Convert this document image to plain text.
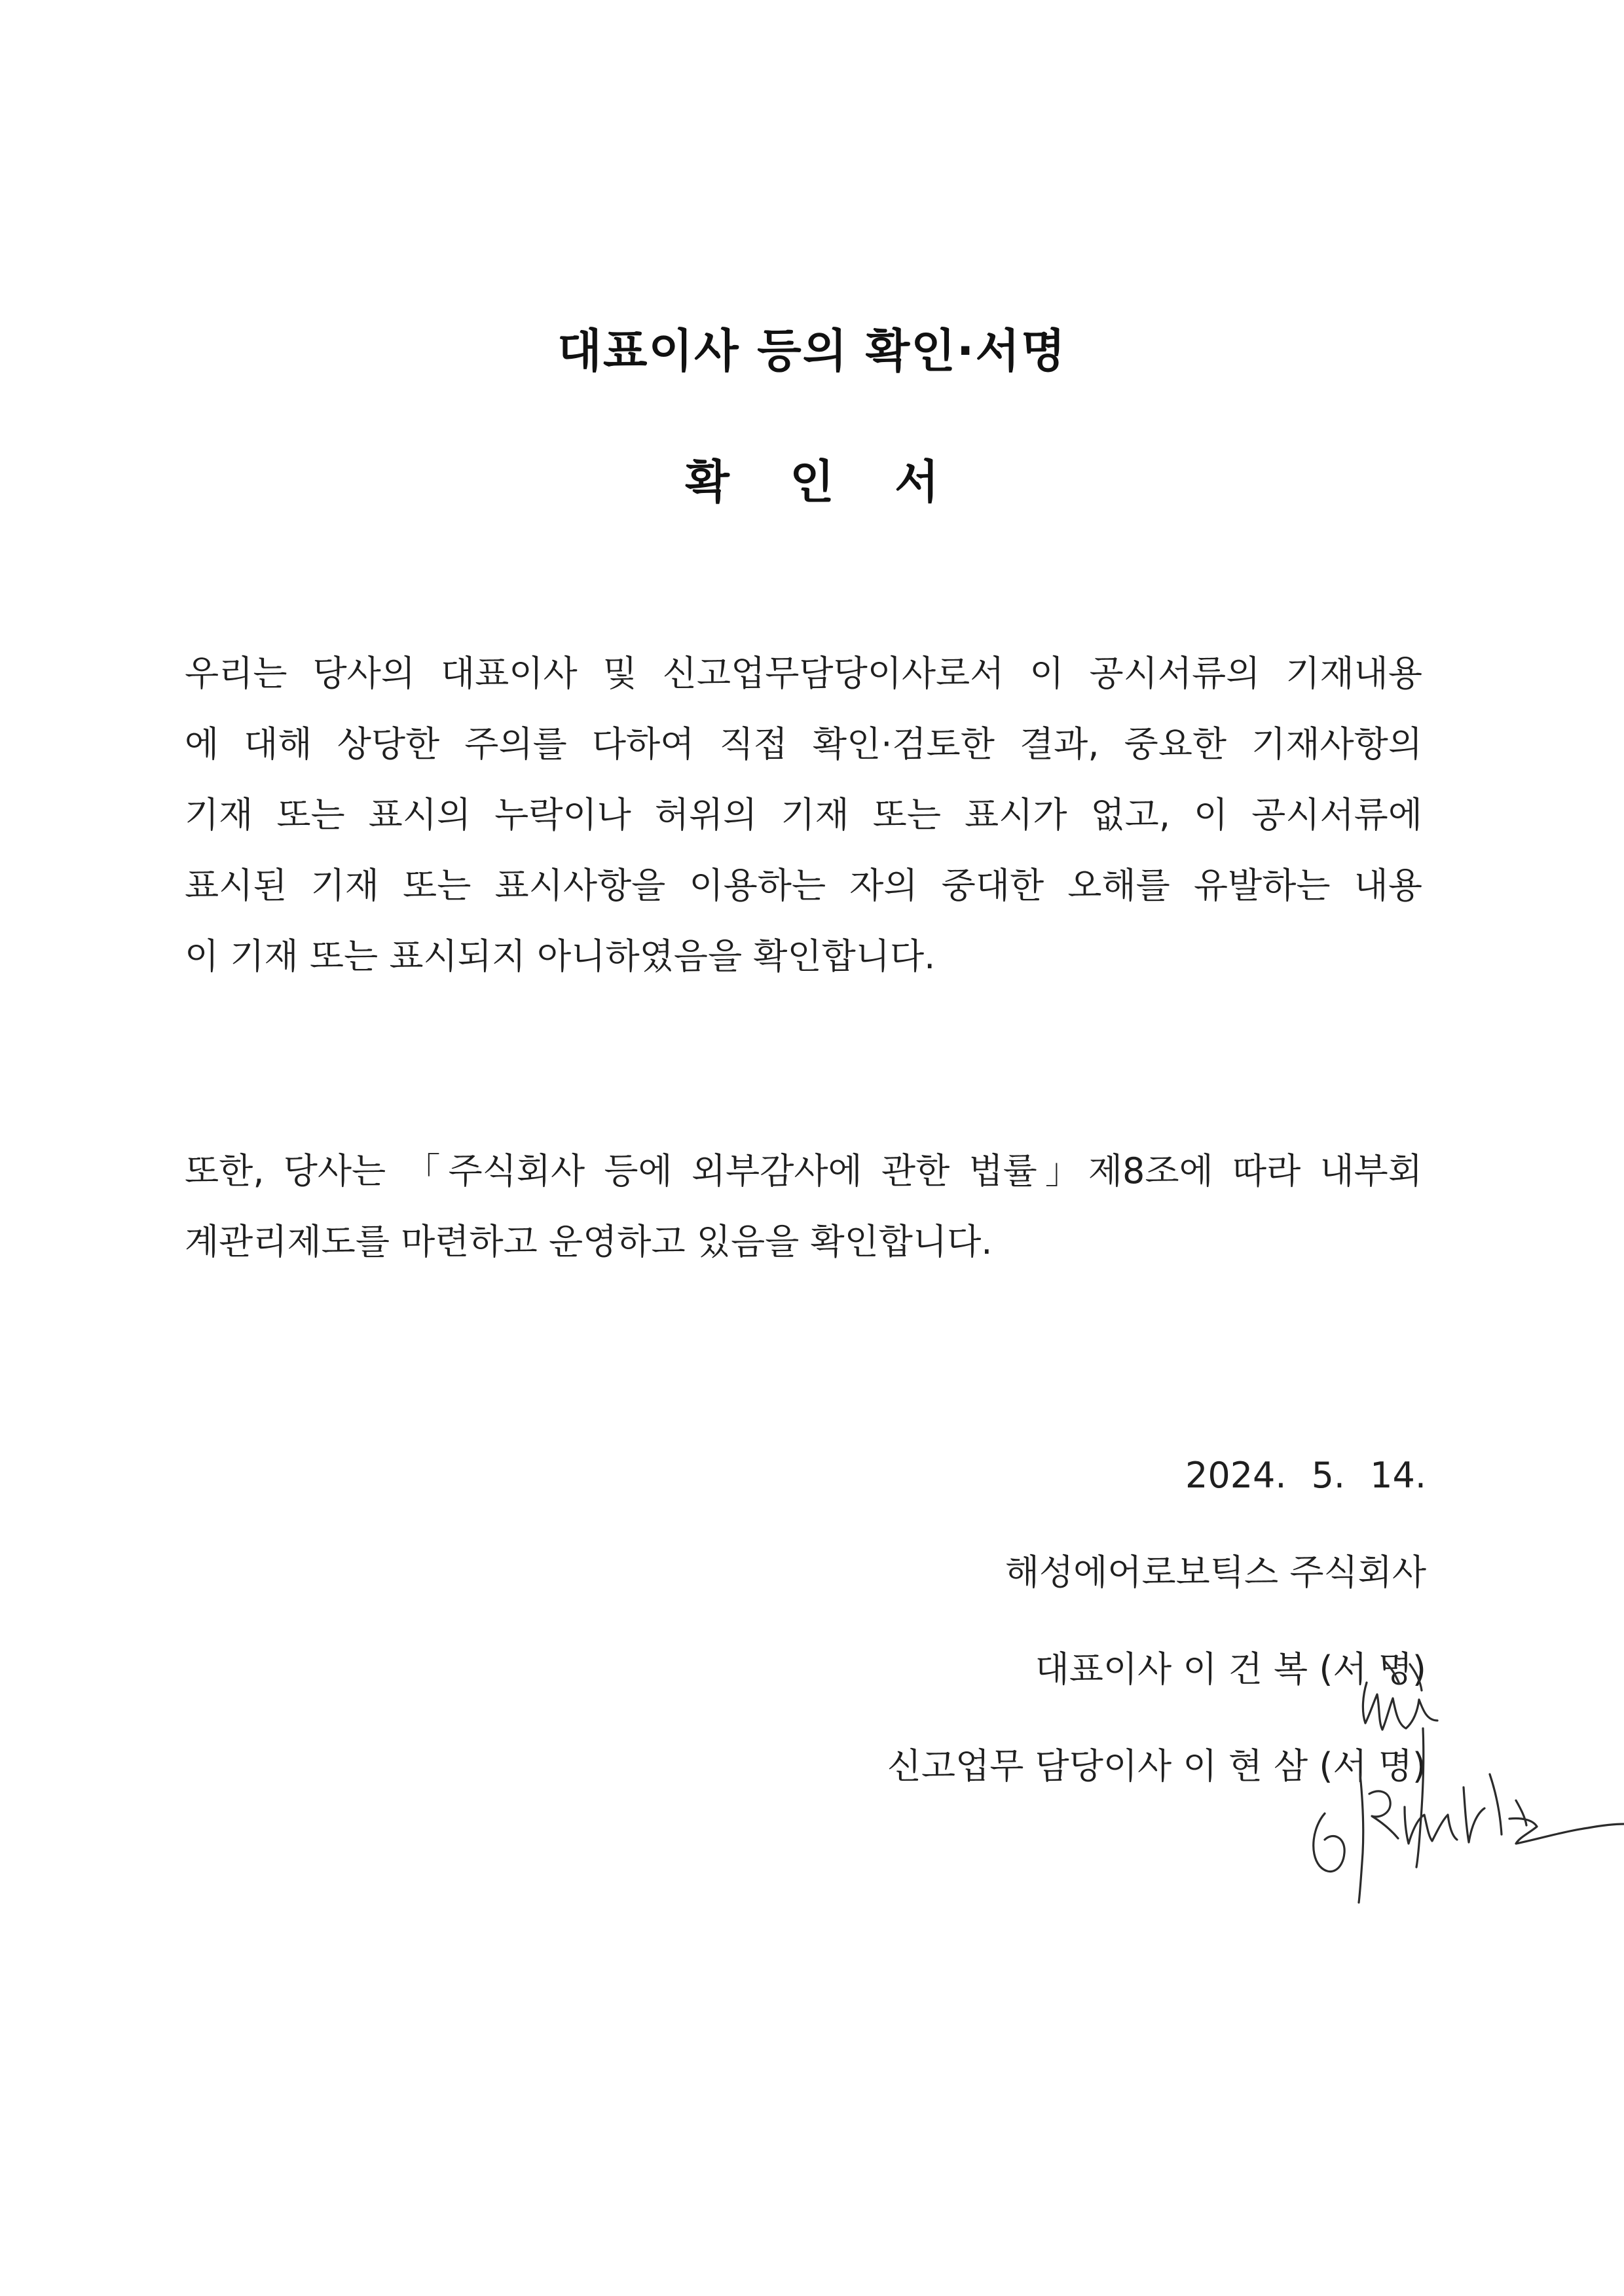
대표이사 등의 확인·서명
확 인 서
우리는 당사의 대표이사 및 신고업무담당이사로서 이 공시서류의 기재내용
에 대해 상당한 주의를 다하여 직접 확인·검토한 결과, 중요한 기재사항의
기재 또는 표시의 누락이나 허위의 기재 또는 표시가 없고, 이 공시서류에
표시된 기재 또는 표시사항을 이용하는 자의 중대한 오해를 유발하는 내용
이 기재 또는 표시되지 아니하였음을 확인합니다.
또한, 당사는 「주식회사 등에 외부감사에 관한 법률」제8조에 따라 내부회
계관리제도를 마련하고 운영하고 있음을 확인합니다.
2024. 5. 14.
해성에어로보틱스 주식회사
대표이사 이 건 복 (서 명)
신고업무 담당이사 이 현 삼 (서 명)
